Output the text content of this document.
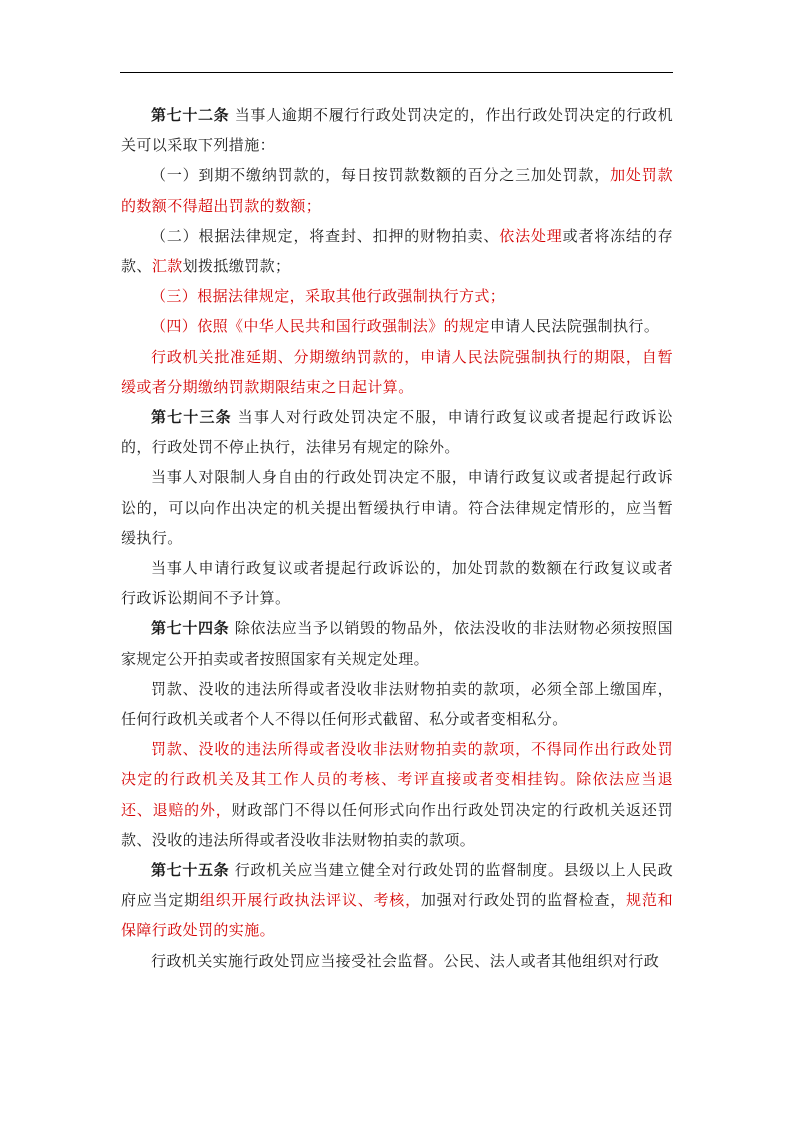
第七十二条 当事人逾期不履行行政处罚决定的，作出行政处罚决定的行政机关可以采取下列措施：

（一）到期不缴纳罚款的，每日按罚款数额的百分之三加处罚款，加处罚款的数额不得超出罚款的数额；

（二）根据法律规定，将查封、扣押的财物拍卖、依法处理或者将冻结的存款、汇款划拨抵缴罚款；

（三）根据法律规定，采取其他行政强制执行方式；

（四）依照《中华人民共和国行政强制法》的规定申请人民法院强制执行。

行政机关批准延期、分期缴纳罚款的，申请人民法院强制执行的期限，自暂缓或者分期缴纳罚款期限结束之日起计算。

第七十三条 当事人对行政处罚决定不服，申请行政复议或者提起行政诉讼的，行政处罚不停止执行，法律另有规定的除外。

当事人对限制人身自由的行政处罚决定不服，申请行政复议或者提起行政诉讼的，可以向作出决定的机关提出暂缓执行申请。符合法律规定情形的，应当暂缓执行。

当事人申请行政复议或者提起行政诉讼的，加处罚款的数额在行政复议或者行政诉讼期间不予计算。

第七十四条 除依法应当予以销毁的物品外，依法没收的非法财物必须按照国家规定公开拍卖或者按照国家有关规定处理。

罚款、没收的违法所得或者没收非法财物拍卖的款项，必须全部上缴国库，任何行政机关或者个人不得以任何形式截留、私分或者变相私分。

罚款、没收的违法所得或者没收非法财物拍卖的款项，不得同作出行政处罚决定的行政机关及其工作人员的考核、考评直接或者变相挂钩。除依法应当退还、退赔的外，财政部门不得以任何形式向作出行政处罚决定的行政机关返还罚款、没收的违法所得或者没收非法财物拍卖的款项。

第七十五条 行政机关应当建立健全对行政处罚的监督制度。县级以上人民政府应当定期组织开展行政执法评议、考核，加强对行政处罚的监督检查，规范和保障行政处罚的实施。

行政机关实施行政处罚应当接受社会监督。公民、法人或者其他组织对行政
